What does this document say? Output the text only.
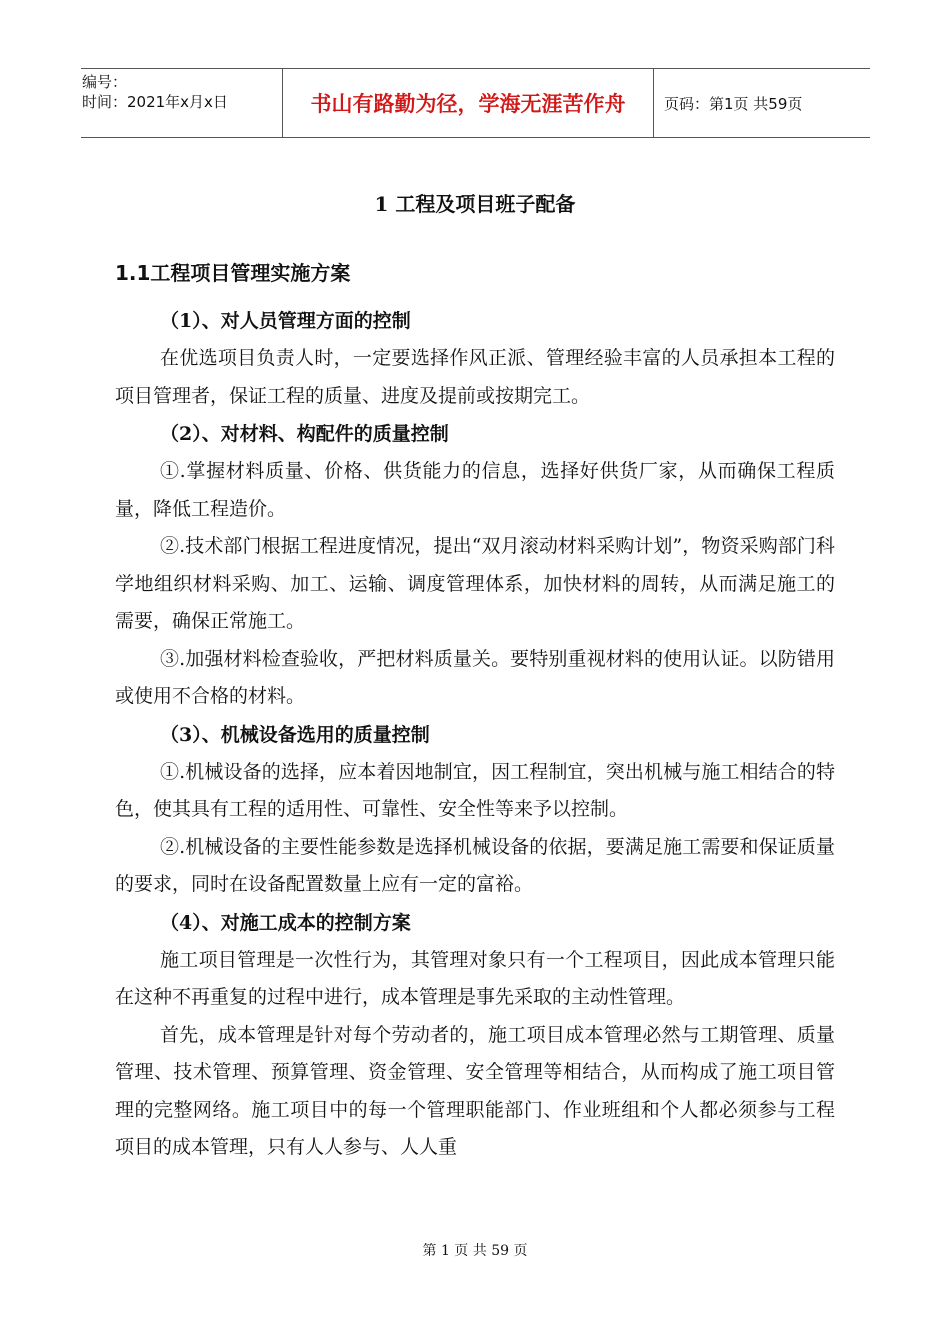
编号：
时间：2021年x月x日	书山有路勤为径，学海无涯苦作舟	页码：第1页 共59页
1 工程及项目班子配备
1.1工程项目管理实施方案
（1）、对人员管理方面的控制
在优选项目负责人时，一定要选择作风正派、管理经验丰富的人员承担本工程的项目管理者，保证工程的质量、进度及提前或按期完工。
（2）、对材料、构配件的质量控制
①.掌握材料质量、价格、供货能力的信息，选择好供货厂家，从而确保工程质量，降低工程造价。
②.技术部门根据工程进度情况，提出“双月滚动材料采购计划”，物资采购部门科学地组织材料采购、加工、运输、调度管理体系，加快材料的周转，从而满足施工的需要，确保正常施工。
③.加强材料检查验收，严把材料质量关。要特别重视材料的使用认证。以防错用或使用不合格的材料。
（3）、机械设备选用的质量控制
①.机械设备的选择，应本着因地制宜，因工程制宜，突出机械与施工相结合的特色，使其具有工程的适用性、可靠性、安全性等来予以控制。
②.机械设备的主要性能参数是选择机械设备的依据，要满足施工需要和保证质量的要求，同时在设备配置数量上应有一定的富裕。
（4）、对施工成本的控制方案
施工项目管理是一次性行为，其管理对象只有一个工程项目，因此成本管理只能在这种不再重复的过程中进行，成本管理是事先采取的主动性管理。
首先，成本管理是针对每个劳动者的，施工项目成本管理必然与工期管理、质量管理、技术管理、预算管理、资金管理、安全管理等相结合，从而构成了施工项目管理的完整网络。施工项目中的每一个管理职能部门、作业班组和个人都必须参与工程项目的成本管理，只有人人参与、人人重
第 1 页 共 59 页
